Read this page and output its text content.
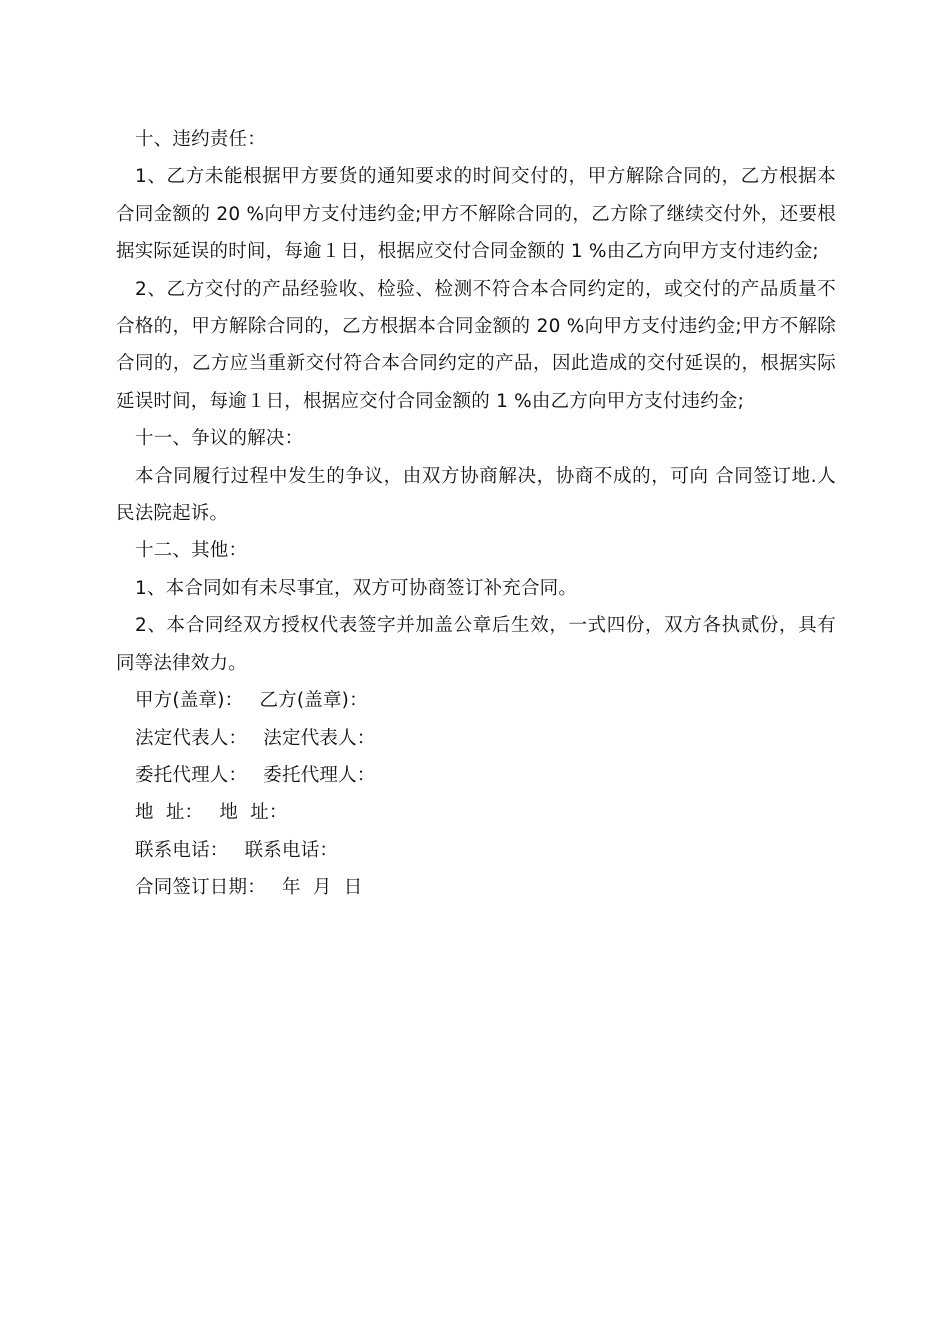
十、违约责任：

1、乙方未能根据甲方要货的通知要求的时间交付的，甲方解除合同的，乙方根据本合同金额的 20 %向甲方支付违约金;甲方不解除合同的，乙方除了继续交付外，还要根据实际延误的时间，每逾１日，根据应交付合同金额的 1 %由乙方向甲方支付违约金;

2、乙方交付的产品经验收、检验、检测不符合本合同约定的，或交付的产品质量不合格的，甲方解除合同的，乙方根据本合同金额的 20 %向甲方支付违约金;甲方不解除合同的，乙方应当重新交付符合本合同约定的产品，因此造成的交付延误的，根据实际延误时间，每逾１日，根据应交付合同金额的 1 %由乙方向甲方支付违约金;

十一、争议的解决：

本合同履行过程中发生的争议，由双方协商解决，协商不成的，可向 合同签订地.人民法院起诉。

十二、其他：

1、本合同如有未尽事宜，双方可协商签订补充合同。

2、本合同经双方授权代表签字并加盖公章后生效，一式四份，双方各执贰份，具有同等法律效力。

甲方(盖章)： 乙方(盖章)：
法定代表人： 法定代表人：
委托代理人： 委托代理人：
地  址： 地  址：
联系电话： 联系电话：
合同签订日期： 年  月  日
